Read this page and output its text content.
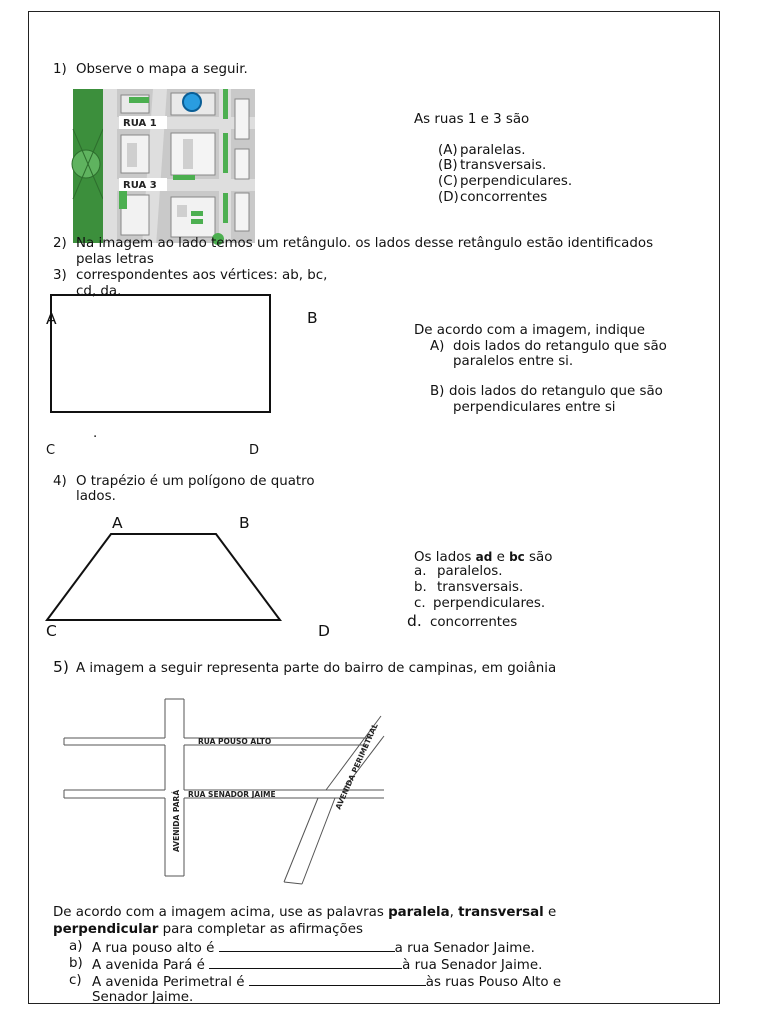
1) Observe o mapa a seguir.
RUA 1
RUA 3
As ruas 1 e 3 são
(A) paralelas.
(B) transversais.
(C) perpendiculares.
(D) concorrentes
2) Na imagem ao lado temos um retângulo. os lados desse retângulo estão identificados
pelas letras
3) correspondentes aos vértices: ab, bc,
cd, da.
A	B
.
C	D
De acordo com a imagem, indique
A) dois lados do retangulo que são
paralelos entre si.
B) dois lados do retangulo que são
perpendiculares entre si
4) O trapézio é um polígono de quatro
lados.
A	B
C	D
Os lados ad e bc são
a. paralelos.
b. transversais.
c. perpendiculares.
d. concorrentes
5) A imagem a seguir representa parte do bairro de campinas, em goiânia
RUA POUSO ALTO
RUA SENADOR JAIME
AVENIDA PARÁ
AVENIDA PERIMETRAL
De acordo com a imagem acima, use as palavras paralela, transversal e
perpendicular para completar as afirmações
a) A rua pouso alto é	a rua Senador Jaime.
b) A avenida Pará é	à rua Senador Jaime.
c) A avenida Perimetral é	às ruas Pouso Alto e
Senador Jaime.
